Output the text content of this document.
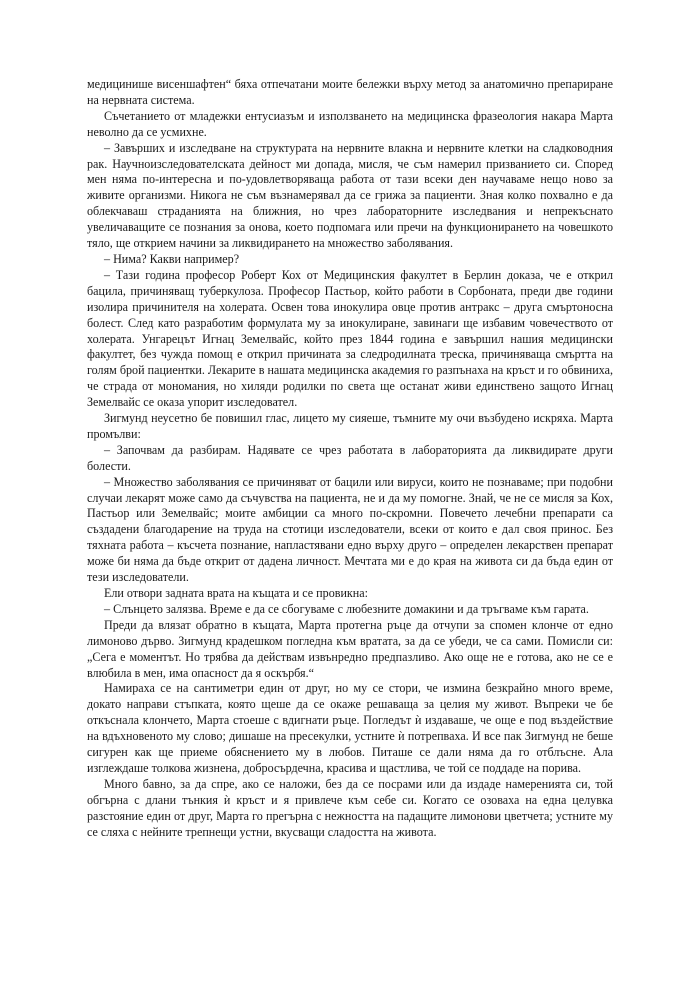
медицинише висеншафтен“ бяха отпечатани моите бележки върху метод за анатомично препариране на нервната система.

Съчетанието от младежки ентусиазъм и използването на медицинска фразеология накара Марта неволно да се усмихне.

– Завърших и изследване на структурата на нервните влакна и нервните клетки на сладководния рак. Научноизследователската дейност ми допада, мисля, че съм намерил призванието си. Според мен няма по-интересна и по-удовлетворяваща работа от тази всеки ден научаваме нещо ново за живите организми. Никога не съм възнамерявал да се грижа за пациенти. Зная колко похвално е да облекчаваш страданията на ближния, но чрез лабораторните изследвания и непрекъснато увеличаващите се познания за онова, което подпомага или пречи на функционирането на човешкото тяло, ще открием начини за ликвидирането на множество заболявания.

– Нима? Какви например?

– Тази година професор Роберт Кох от Медицинския факултет в Берлин доказа, че е открил бацила, причиняващ туберкулоза. Професор Пастьор, който работи в Сорбоната, преди две години изолира причинителя на холерата. Освен това инокулира овце против антракс – друга смъртоносна болест. След като разработим формулата му за инокулиране, завинаги ще избавим човечеството от холерата. Унгарецът Игнац Земелвайс, който през 1844 година е завършил нашия медицински факултет, без чужда помощ е открил причината за следродилната треска, причиняваща смъртта на голям брой пациентки. Лекарите в нашата медицинска академия го разпънаха на кръст и го обвиниха, че страда от мономания, но хиляди родилки по света ще останат живи единствено защото Игнац Земелвайс се оказа упорит изследовател.

Зигмунд неусетно бе повишил глас, лицето му сияеше, тъмните му очи възбудено искряха. Марта промълви:

– Започвам да разбирам. Надявате се чрез работата в лабораторията да ликвидирате други болести.

– Множество заболявания се причиняват от бацили или вируси, които не познаваме; при подобни случаи лекарят може само да съчувства на пациента, не и да му помогне. Знай, че не се мисля за Кох, Пастьор или Земелвайс; моите амбиции са много по-скромни. Повечето лечебни препарати са създадени благодарение на труда на стотици изследователи, всеки от които е дал своя принос. Без тяхната работа – късчета познание, напластявани едно върху друго – определен лекарствен препарат може би няма да бъде открит от дадена личност. Мечтата ми е до края на живота си да бъда един от тези изследователи.

Ели отвори задната врата на къщата и се провикна:

– Слънцето залязва. Време е да се сбогуваме с любезните домакини и да тръгваме към гарата.

Преди да влязат обратно в къщата, Марта протегна ръце да отчупи за спомен клонче от едно лимоново дърво. Зигмунд крадешком погледна към вратата, за да се убеди, че са сами. Помисли си: „Сега е моментът. Но трябва да действам извънредно предпазливо. Ако още не е готова, ако не се е влюбила в мен, има опасност да я оскърбя.“

Намираха се на сантиметри един от друг, но му се стори, че измина безкрайно много време, докато направи стъпката, която щеше да се окаже решаваща за целия му живот. Въпреки че бе откъснала клончето, Марта стоеше с вдигнати ръце. Погледът ѝ издаваше, че още е под въздействие на вдъхновеното му слово; дишаше на пресекулки, устните ѝ потрепваха. И все пак Зигмунд не беше сигурен как ще приеме обяснението му в любов. Питаше се дали няма да го отблъсне. Ала изглеждаше толкова жизнена, добросърдечна, красива и щастлива, че той се поддаде на порива.

Много бавно, за да спре, ако се наложи, без да се посрами или да издаде намеренията си, той обгърна с длани тънкия ѝ кръст и я привлече към себе си. Когато се озоваха на една целувка разстояние един от друг, Марта го прегърна с нежността на падащите лимонови цветчета; устните му се сляха с нейните трепнещи устни, вкусващи сладостта на живота.
